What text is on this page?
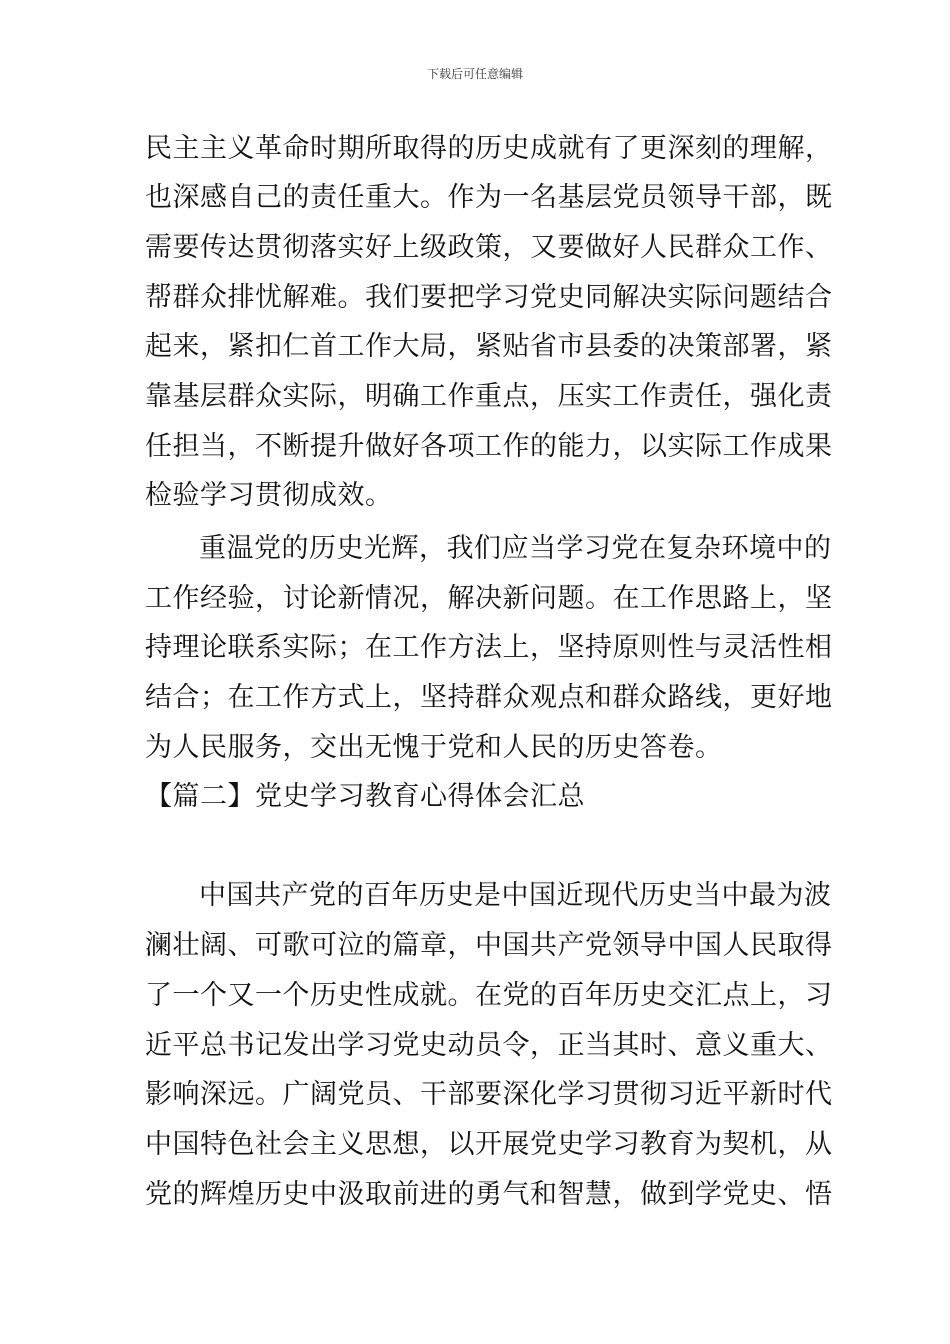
下载后可任意编辑
民主主义革命时期所取得的历史成就有了更深刻的理解，
也深感自己的责任重大。作为一名基层党员领导干部，既
需要传达贯彻落实好上级政策，又要做好人民群众工作、
帮群众排忧解难。我们要把学习党史同解决实际问题结合
起来，紧扣仁首工作大局，紧贴省市县委的决策部署，紧
靠基层群众实际，明确工作重点，压实工作责任，强化责
任担当，不断提升做好各项工作的能力，以实际工作成果
检验学习贯彻成效。
重温党的历史光辉，我们应当学习党在复杂环境中的
工作经验，讨论新情况，解决新问题。在工作思路上，坚
持理论联系实际；在工作方法上，坚持原则性与灵活性相
结合；在工作方式上，坚持群众观点和群众路线，更好地
为人民服务，交出无愧于党和人民的历史答卷。
【篇二】党史学习教育心得体会汇总
中国共产党的百年历史是中国近现代历史当中最为波
澜壮阔、可歌可泣的篇章，中国共产党领导中国人民取得
了一个又一个历史性成就。在党的百年历史交汇点上，习
近平总书记发出学习党史动员令，正当其时、意义重大、
影响深远。广阔党员、干部要深化学习贯彻习近平新时代
中国特色社会主义思想，以开展党史学习教育为契机，从
党的辉煌历史中汲取前进的勇气和智慧，做到学党史、悟
